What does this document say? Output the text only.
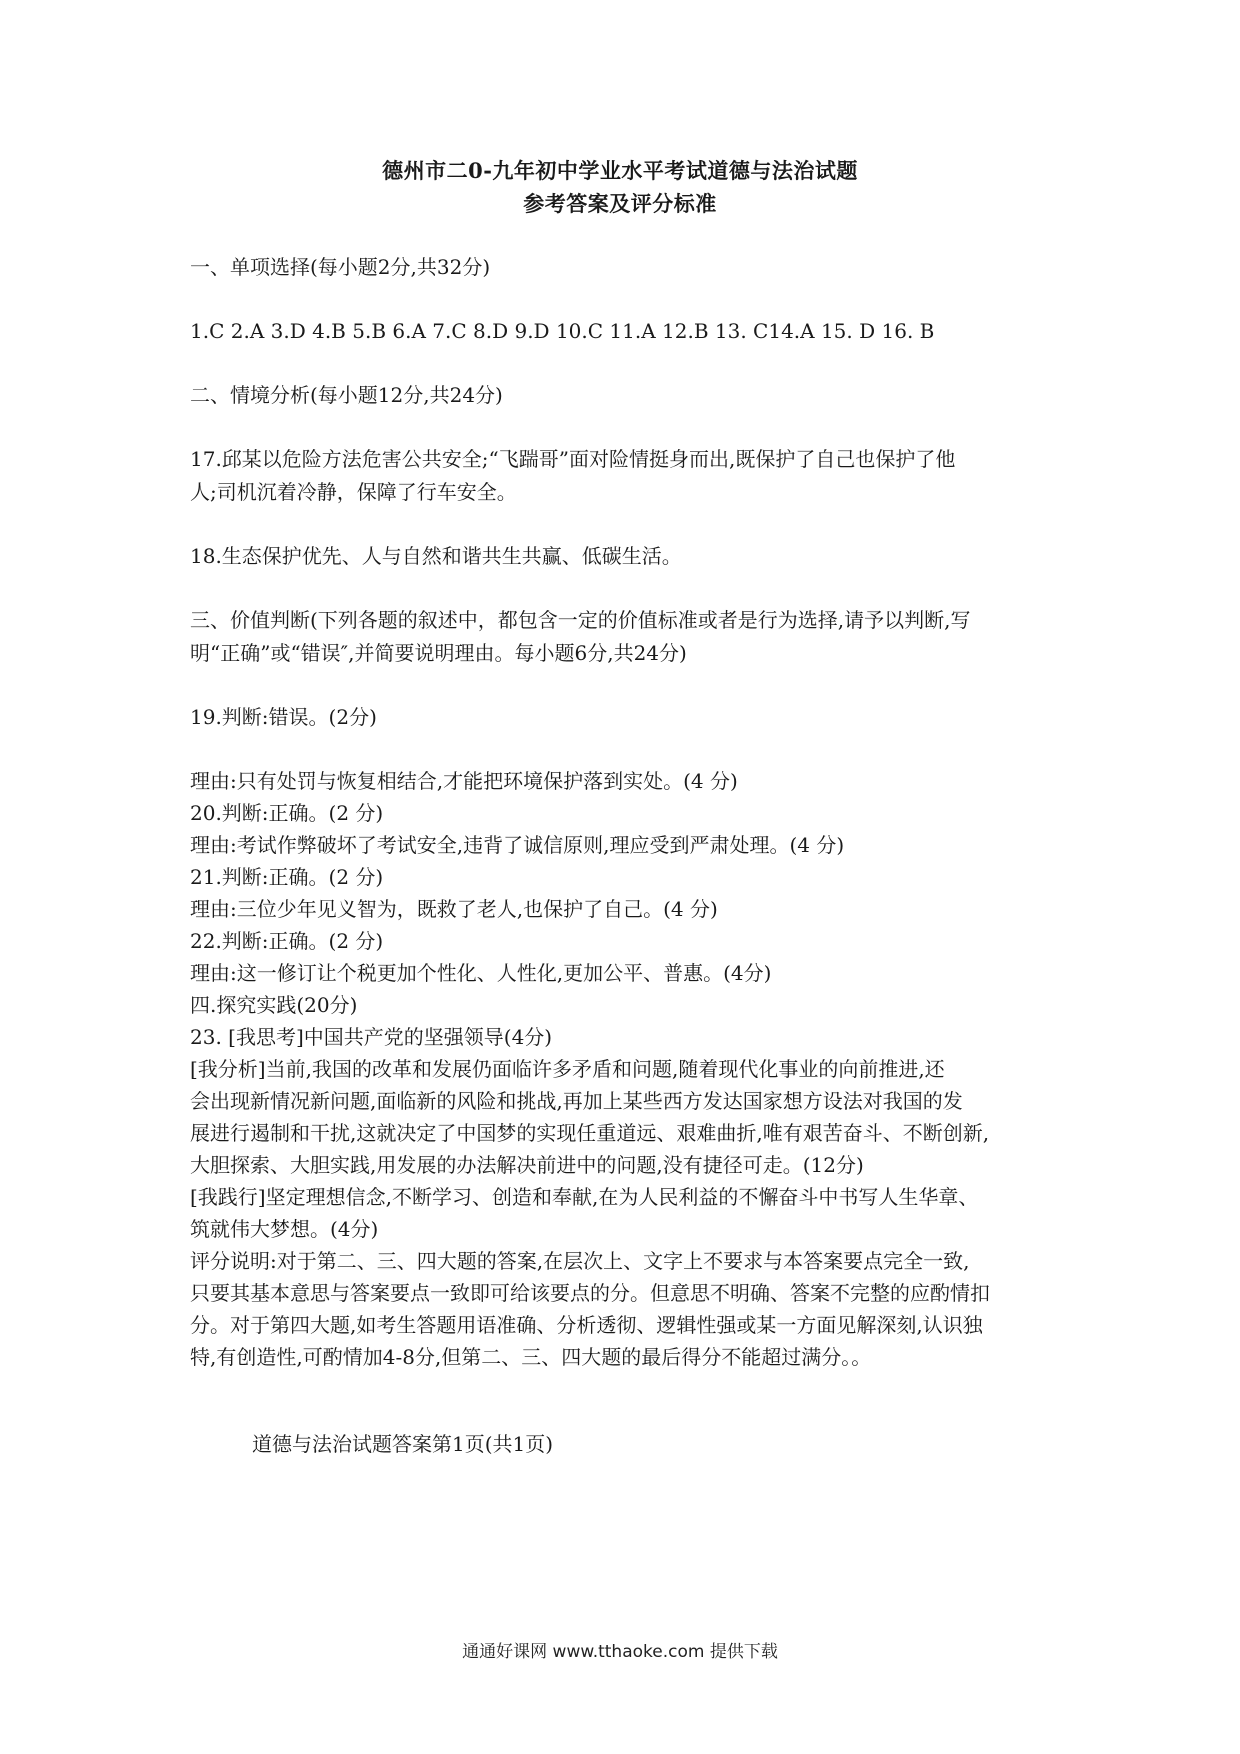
德州市二0-九年初中学业水平考试道德与法治试题
参考答案及评分标准
一、单项选择(每小题2分,共32分)
1.C 2.A 3.D 4.B 5.B 6.A 7.C 8.D 9.D 10.C 11.A 12.B 13. C14.A 15. D 16. B
二、情境分析(每小题12分,共24分)
17.邱某以危险方法危害公共安全;“飞踹哥”面对险情挺身而出,既保护了自己也保护了他
人;司机沉着冷静，保障了行车安全。
18.生态保护优先、人与自然和谐共生共赢、低碳生活。
三、价值判断(下列各题的叙述中，都包含一定的价值标准或者是行为选择,请予以判断,写
明“正确”或“错误″,并简要说明理由。每小题6分,共24分)
19.判断:错误。(2分)
理由:只有处罚与恢复相结合,才能把环境保护落到实处。(4 分)
20.判断:正确。(2 分)
理由:考试作弊破坏了考试安全,违背了诚信原则,理应受到严肃处理。(4 分)
21.判断:正确。(2 分)
理由:三位少年见义智为，既救了老人,也保护了自己。(4 分)
22.判断:正确。(2 分)
理由:这一修订让个税更加个性化、人性化,更加公平、普惠。(4分)
四.探究实践(20分)
23. [我思考]中国共产党的坚强领导(4分)
[我分析]当前,我国的改革和发展仍面临许多矛盾和问题,随着现代化事业的向前推进,还
会出现新情况新问题,面临新的风险和挑战,再加上某些西方发达国家想方设法对我国的发
展进行遏制和干扰,这就决定了中国梦的实现任重道远、艰难曲折,唯有艰苦奋斗、不断创新,
大胆探索、大胆实践,用发展的办法解决前进中的问题,没有捷径可走。(12分)
[我践行]坚定理想信念,不断学习、创造和奉献,在为人民利益的不懈奋斗中书写人生华章、
筑就伟大梦想。(4分)
评分说明:对于第二、三、四大题的答案,在层次上、文字上不要求与本答案要点完全一致,
只要其基本意思与答案要点一致即可给该要点的分。但意思不明确、答案不完整的应酌情扣
分。对于第四大题,如考生答题用语准确、分析透彻、逻辑性强或某一方面见解深刻,认识独
特,有创造性,可酌情加4-8分,但第二、三、四大题的最后得分不能超过满分。。
道德与法治试题答案第1页(共1页)
通通好课网 www.tthaoke.com 提供下载
